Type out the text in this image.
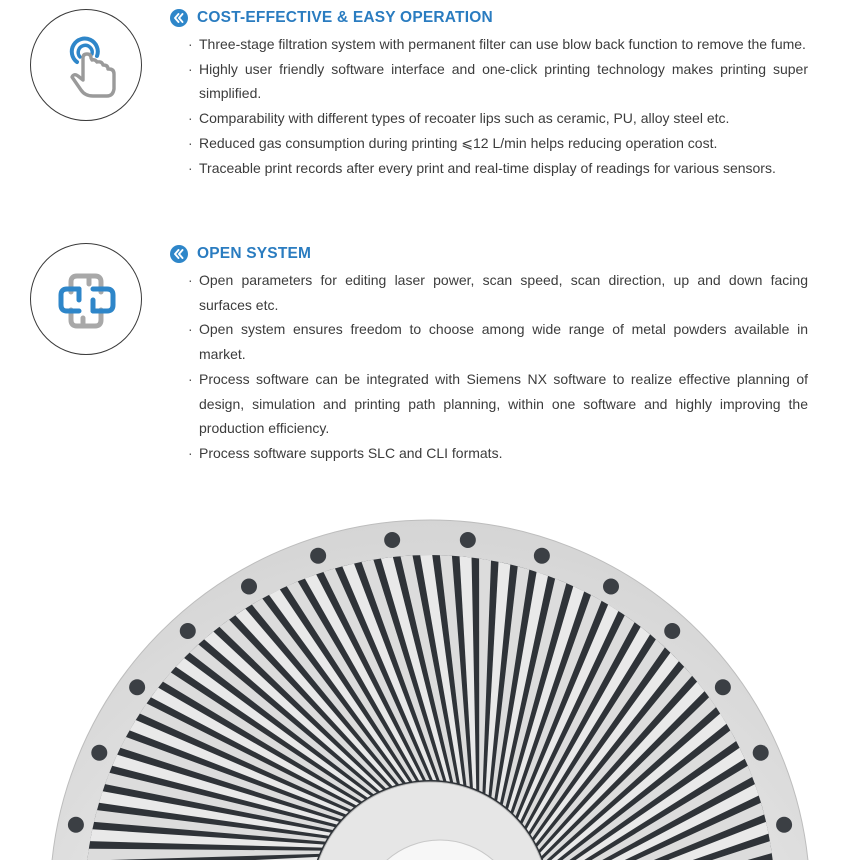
COST-EFFECTIVE & EASY OPERATION
· Three-stage filtration system with permanent filter can use blow back function to remove the fume.
· Highly user friendly software interface and one-click printing technology makes printing super simplified.
· Comparability with different types of recoater lips such as ceramic, PU, alloy steel etc.
· Reduced gas consumption during printing ⩽12 L/min helps reducing operation cost.
· Traceable print records after every print and real-time display of readings for various sensors.
OPEN SYSTEM
· Open parameters for editing laser power, scan speed, scan direction, up and down facing surfaces etc.
· Open system ensures freedom to choose among wide range of metal powders available in market.
· Process software can be integrated with Siemens NX software to realize effective planning of design, simulation and printing path planning, within one software and highly improving the production efficiency.
· Process software supports SLC and CLI formats.
